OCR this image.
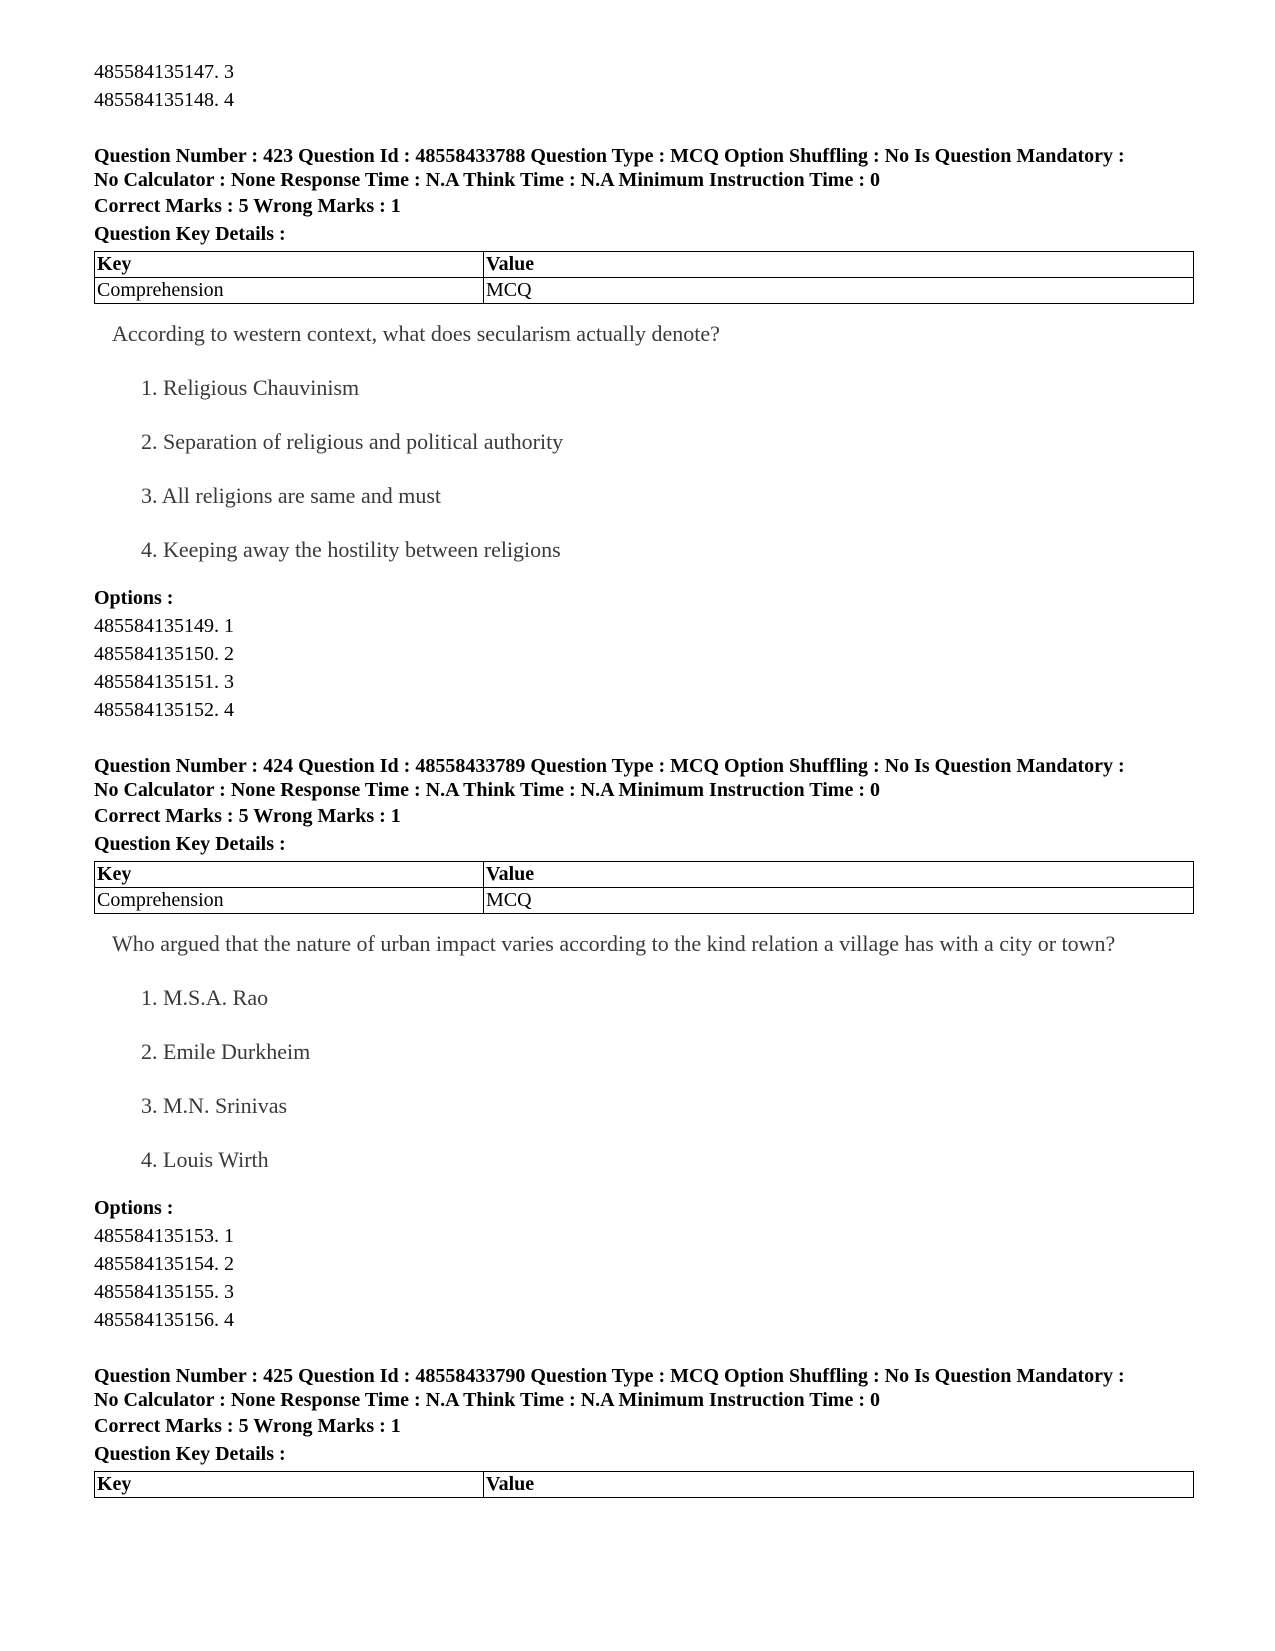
485584135147. 3
485584135148. 4
Question Number : 423 Question Id : 48558433788 Question Type : MCQ Option Shuffling : No Is Question Mandatory :
No Calculator : None Response Time : N.A Think Time : N.A Minimum Instruction Time : 0
Correct Marks : 5 Wrong Marks : 1
Question Key Details :
Key	Value
Comprehension	MCQ
According to western context, what does secularism actually denote?
1. Religious Chauvinism
2. Separation of religious and political authority
3. All religions are same and must
4. Keeping away the hostility between religions
Options :
485584135149. 1
485584135150. 2
485584135151. 3
485584135152. 4
Question Number : 424 Question Id : 48558433789 Question Type : MCQ Option Shuffling : No Is Question Mandatory :
No Calculator : None Response Time : N.A Think Time : N.A Minimum Instruction Time : 0
Correct Marks : 5 Wrong Marks : 1
Question Key Details :
Key	Value
Comprehension	MCQ
Who argued that the nature of urban impact varies according to the kind relation a village has with a city or town?
1. M.S.A. Rao
2. Emile Durkheim
3. M.N. Srinivas
4. Louis Wirth
Options :
485584135153. 1
485584135154. 2
485584135155. 3
485584135156. 4
Question Number : 425 Question Id : 48558433790 Question Type : MCQ Option Shuffling : No Is Question Mandatory :
No Calculator : None Response Time : N.A Think Time : N.A Minimum Instruction Time : 0
Correct Marks : 5 Wrong Marks : 1
Question Key Details :
Key	Value
